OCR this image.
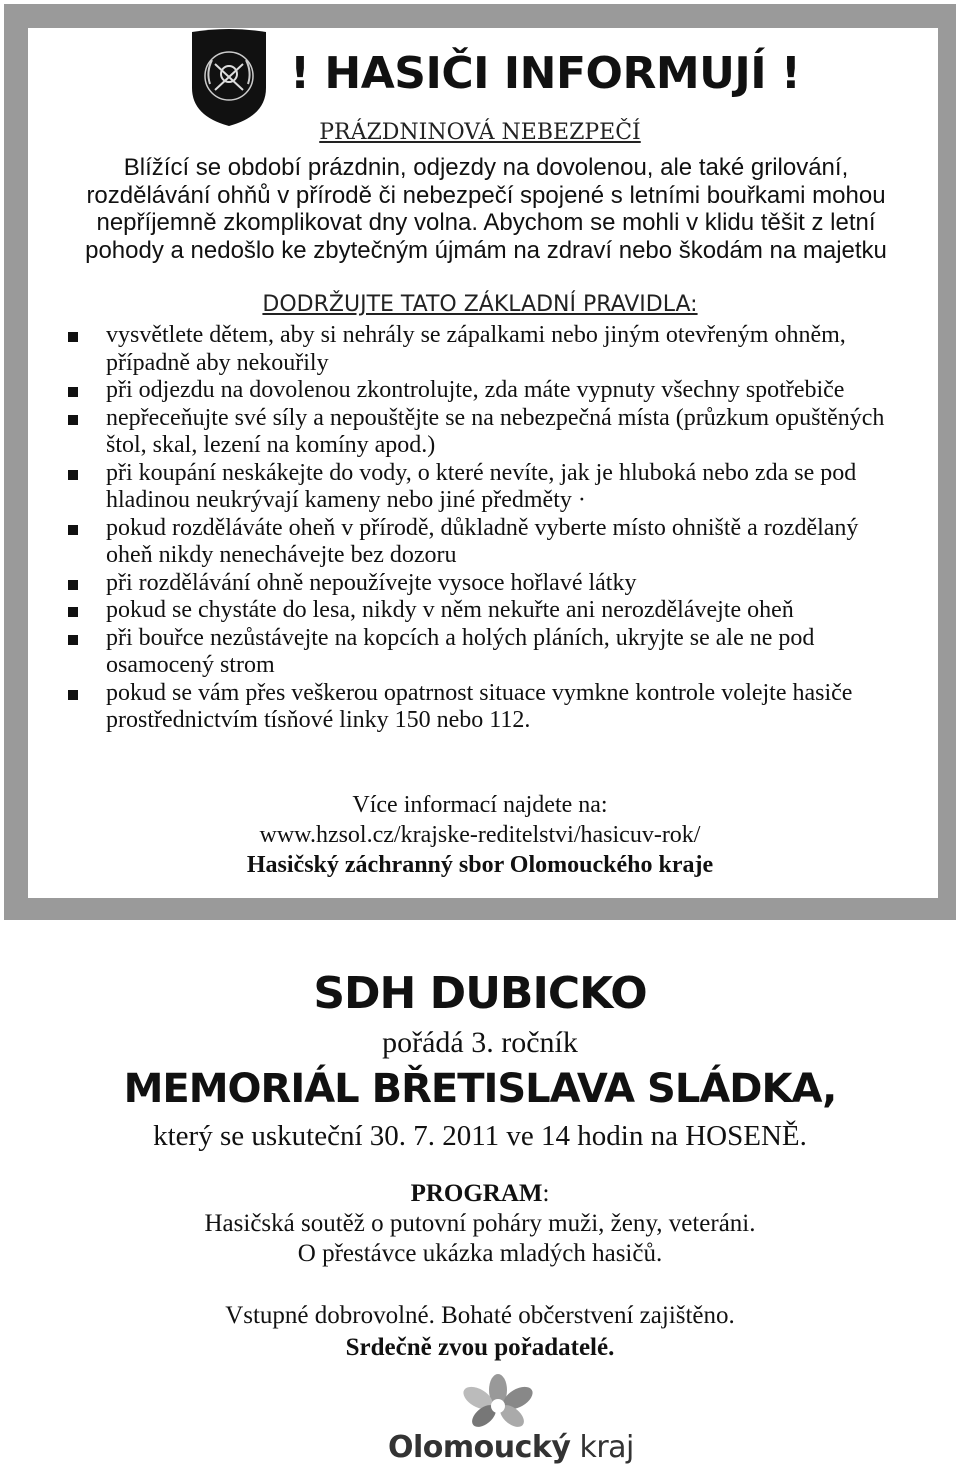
! HASIČI INFORMUJÍ !
PRÁZDNINOVÁ NEBEZPEČÍ
Blížící se období prázdnin, odjezdy na dovolenou, ale také grilování, rozdělávání ohňů v přírodě či nebezpečí spojené s letními bouřkami mohou nepříjemně zkomplikovat dny volna. Abychom se mohli v klidu těšit z letní pohody a nedošlo ke zbytečným újmám na zdraví nebo škodám na majetku
DODRŽUJTE TATO ZÁKLADNÍ PRAVIDLA:
vysvětlete dětem, aby si nehrály se zápalkami nebo jiným otevřeným ohněm, případně aby nekouřily
při odjezdu na dovolenou zkontrolujte, zda máte vypnuty všechny spotřebiče
nepřeceňujte své síly a nepouštějte se na nebezpečná místa (průzkum opuštěných štol, skal, lezení na komíny apod.)
při koupání neskákejte do vody, o které nevíte, jak je hluboká nebo zda se pod hladinou neukrývají kameny nebo jiné předměty ·
pokud rozděláváte oheň v přírodě, důkladně vyberte místo ohniště a rozdělaný oheň nikdy nenechávejte bez dozoru
při rozdělávání ohně nepoužívejte vysoce hořlavé látky
pokud se chystáte do lesa, nikdy v něm nekuřte ani nerozdělávejte oheň
při bouřce nezůstávejte na kopcích a holých pláních, ukryjte se ale ne pod osamocený strom
pokud se vám přes veškerou opatrnost situace vymkne kontrole volejte hasiče prostřednictvím tísňové linky 150 nebo 112.
Více informací najdete na:
www.hzsol.cz/krajske-reditelstvi/hasicuv-rok/
Hasičský záchranný sbor Olomouckého kraje
SDH DUBICKO
pořádá 3. ročník
MEMORIÁL BŘETISLAVA SLÁDKA,
který se uskuteční 30. 7. 2011 ve 14 hodin na HOSENĚ.
PROGRAM:
Hasičská soutěž o putovní poháry muži, ženy, veteráni.
O přestávce ukázka mladých hasičů.
Vstupné dobrovolné. Bohaté občerstvení zajištěno.
Srdečně zvou pořadatelé.
Olomoucký kraj
